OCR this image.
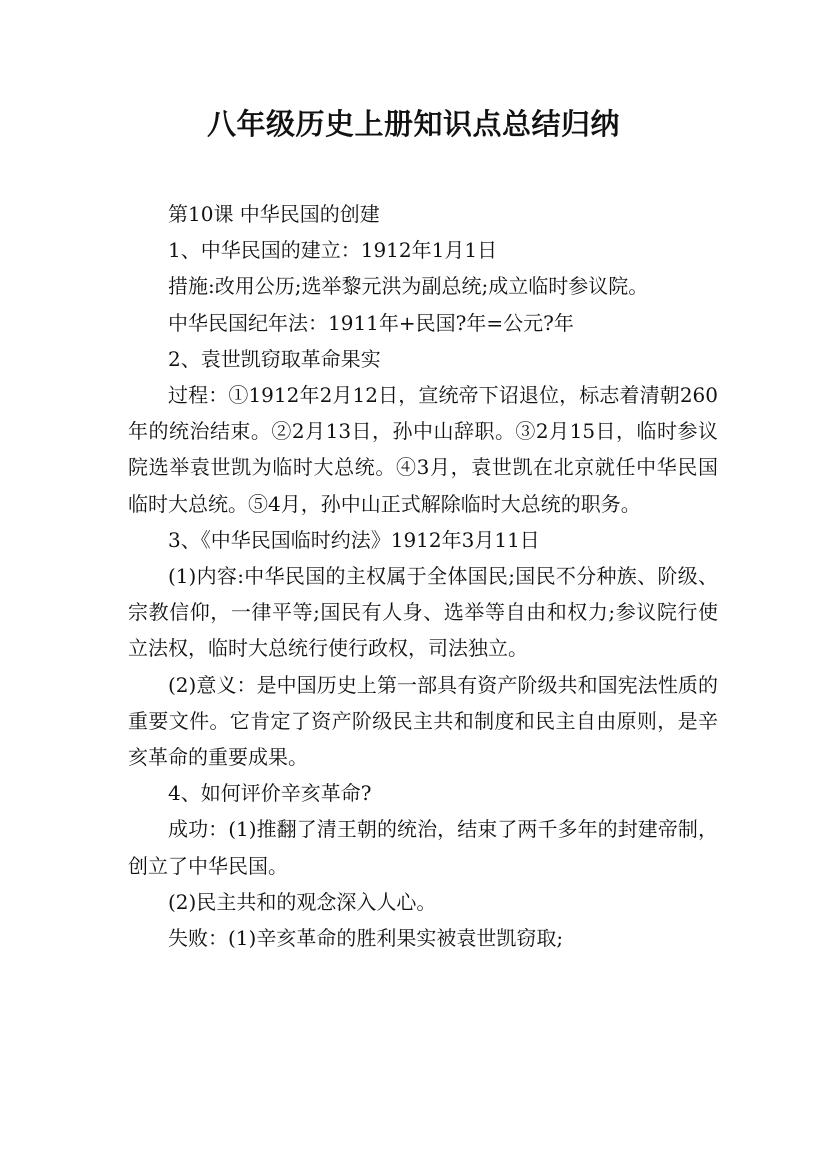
八年级历史上册知识点总结归纳

第10课 中华民国的创建

1、中华民国的建立：1912年1月1日

措施:改用公历;选举黎元洪为副总统;成立临时参议院。

中华民国纪年法：1911年+民国?年=公元?年

2、袁世凯窃取革命果实

过程：①1912年2月12日，宣统帝下诏退位，标志着清朝260年的统治结束。②2月13日，孙中山辞职。③2月15日，临时参议院选举袁世凯为临时大总统。④3月，袁世凯在北京就任中华民国临时大总统。⑤4月，孙中山正式解除临时大总统的职务。

3、《中华民国临时约法》1912年3月11日

(1)内容:中华民国的主权属于全体国民;国民不分种族、阶级、宗教信仰，一律平等;国民有人身、选举等自由和权力;参议院行使立法权，临时大总统行使行政权，司法独立。

(2)意义：是中国历史上第一部具有资产阶级共和国宪法性质的重要文件。它肯定了资产阶级民主共和制度和民主自由原则，是辛亥革命的重要成果。

4、如何评价辛亥革命?

成功：(1)推翻了清王朝的统治，结束了两千多年的封建帝制，创立了中华民国。

(2)民主共和的观念深入人心。

失败：(1)辛亥革命的胜利果实被袁世凯窃取;
